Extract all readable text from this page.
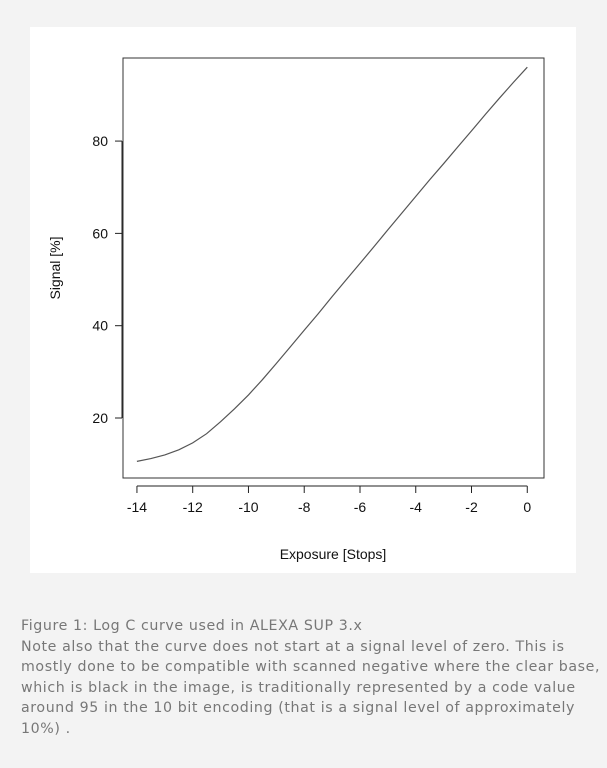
-14	-12	-10	-8	-6	-4	-2	0
20
40
60
80
Exposure [Stops]
Signal [%]

Figure 1: Log C curve used in ALEXA SUP 3.x

Note also that the curve does not start at a signal level of zero. This is mostly done to be compatible with scanned negative where the clear base, which is black in the image, is traditionally represented by a code value around 95 in the 10 bit encoding (that is a signal level of approximately 10%) .
